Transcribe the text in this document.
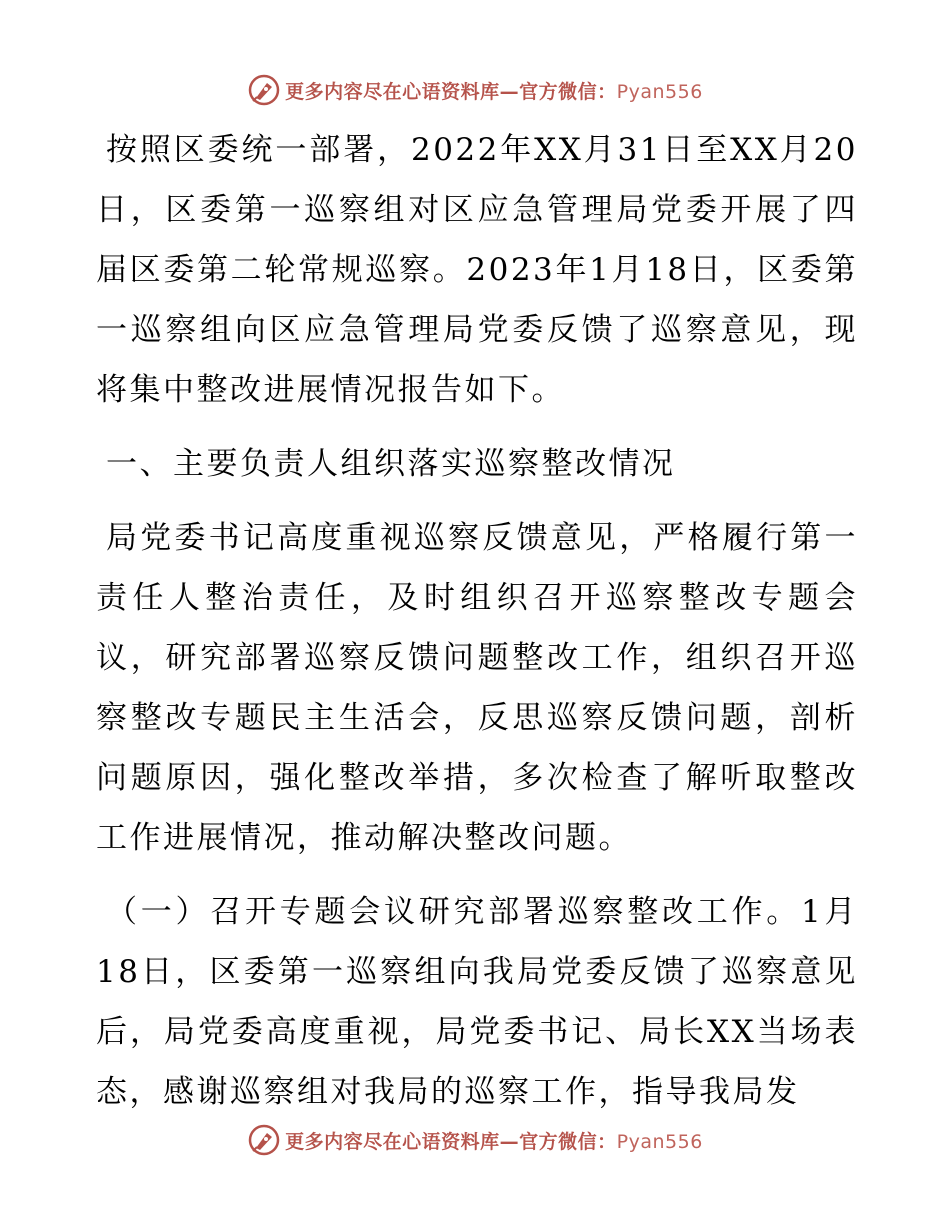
更多内容尽在心语资料库—官方微信：Pyan556

按照区委统一部署，2022年XX月31日至XX月20日，区委第一巡察组对区应急管理局党委开展了四届区委第二轮常规巡察。2023年1月18日，区委第一巡察组向区应急管理局党委反馈了巡察意见，现将集中整改进展情况报告如下。

一、主要负责人组织落实巡察整改情况

局党委书记高度重视巡察反馈意见，严格履行第一责任人整治责任，及时组织召开巡察整改专题会议，研究部署巡察反馈问题整改工作，组织召开巡察整改专题民主生活会，反思巡察反馈问题，剖析问题原因，强化整改举措，多次检查了解听取整改工作进展情况，推动解决整改问题。

（一）召开专题会议研究部署巡察整改工作。1月18日，区委第一巡察组向我局党委反馈了巡察意见后，局党委高度重视，局党委书记、局长XX当场表态，感谢巡察组对我局的巡察工作，指导我局发

更多内容尽在心语资料库—官方微信：Pyan556
